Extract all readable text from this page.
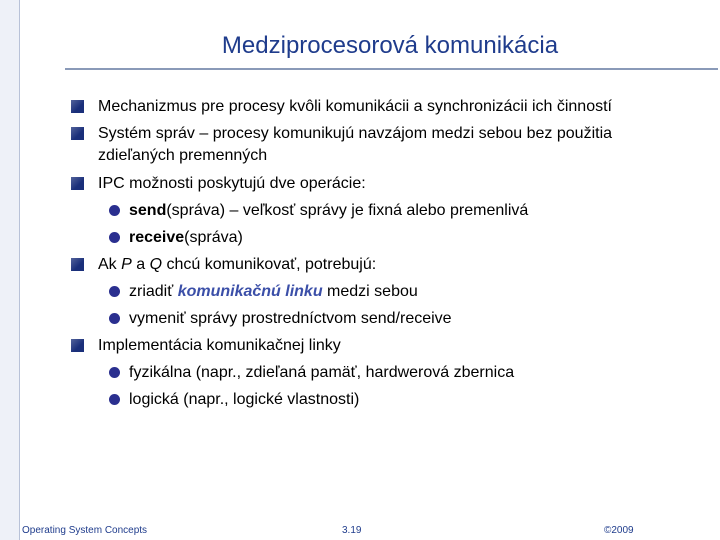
Medziprocesorová komunikácia
Mechanizmus pre procesy kvôli komunikácii a synchronizácii ich činností
Systém správ – procesy komunikujú navzájom medzi sebou bez použitia
zdieľaných premenných
IPC možnosti poskytujú dve operácie:
send(správa) – veľkosť správy je fixná alebo premenlivá
receive(správa)
Ak P a Q chcú komunikovať, potrebujú:
zriadiť komunikačnú linku medzi sebou
vymeniť správy prostredníctvom send/receive
Implementácia komunikačnej linky
fyzikálna (napr., zdieľaná pamäť, hardwerová zbernica
logická (napr., logické vlastnosti)
Operating System Concepts	3.19	©2009
